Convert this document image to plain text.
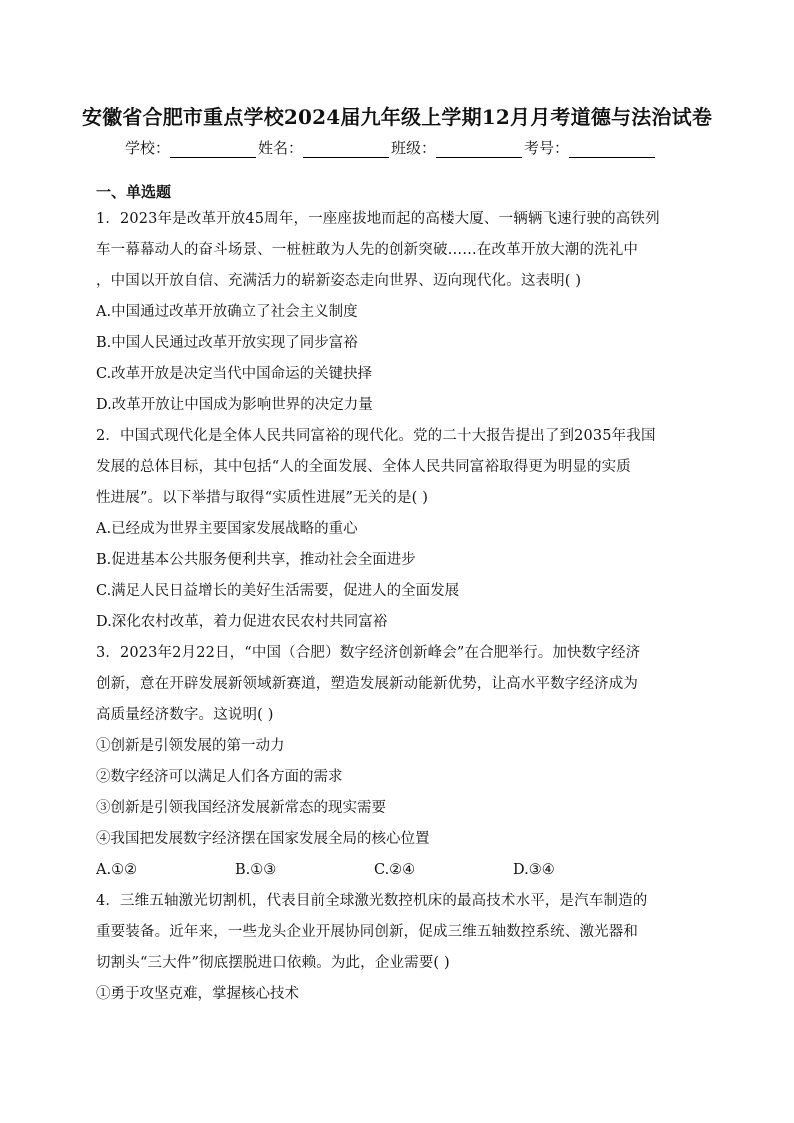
安徽省合肥市重点学校2024届九年级上学期12月月考道德与法治试卷
学校：	姓名：	班级：	考号：
一、单选题
1．2023年是改革开放45周年，一座座拔地而起的高楼大厦、一辆辆飞速行驶的高铁列
车一幕幕动人的奋斗场景、一桩桩敢为人先的创新突破……在改革开放大潮的洗礼中
，中国以开放自信、充满活力的崭新姿态走向世界、迈向现代化。这表明( )
A.中国通过改革开放确立了社会主义制度
B.中国人民通过改革开放实现了同步富裕
C.改革开放是决定当代中国命运的关键抉择
D.改革开放让中国成为影响世界的决定力量
2．中国式现代化是全体人民共同富裕的现代化。党的二十大报告提出了到2035年我国
发展的总体目标，其中包括“人的全面发展、全体人民共同富裕取得更为明显的实质
性进展”。以下举措与取得“实质性进展”无关的是( )
A.已经成为世界主要国家发展战略的重心
B.促进基本公共服务便利共享，推动社会全面进步
C.满足人民日益增长的美好生活需要，促进人的全面发展
D.深化农村改革，着力促进农民农村共同富裕
3．2023年2月22日，“中国（合肥）数字经济创新峰会”在合肥举行。加快数字经济
创新，意在开辟发展新领域新赛道，塑造发展新动能新优势，让高水平数字经济成为
高质量经济数字。这说明( )
①创新是引领发展的第一动力
②数字经济可以满足人们各方面的需求
③创新是引领我国经济发展新常态的现实需要
④我国把发展数字经济摆在国家发展全局的核心位置
A.①②	B.①③	C.②④	D.③④
4．三维五轴激光切割机，代表目前全球激光数控机床的最高技术水平，是汽车制造的
重要装备。近年来，一些龙头企业开展协同创新，促成三维五轴数控系统、激光器和
切割头“三大件”彻底摆脱进口依赖。为此，企业需要( )
①勇于攻坚克难，掌握核心技术
